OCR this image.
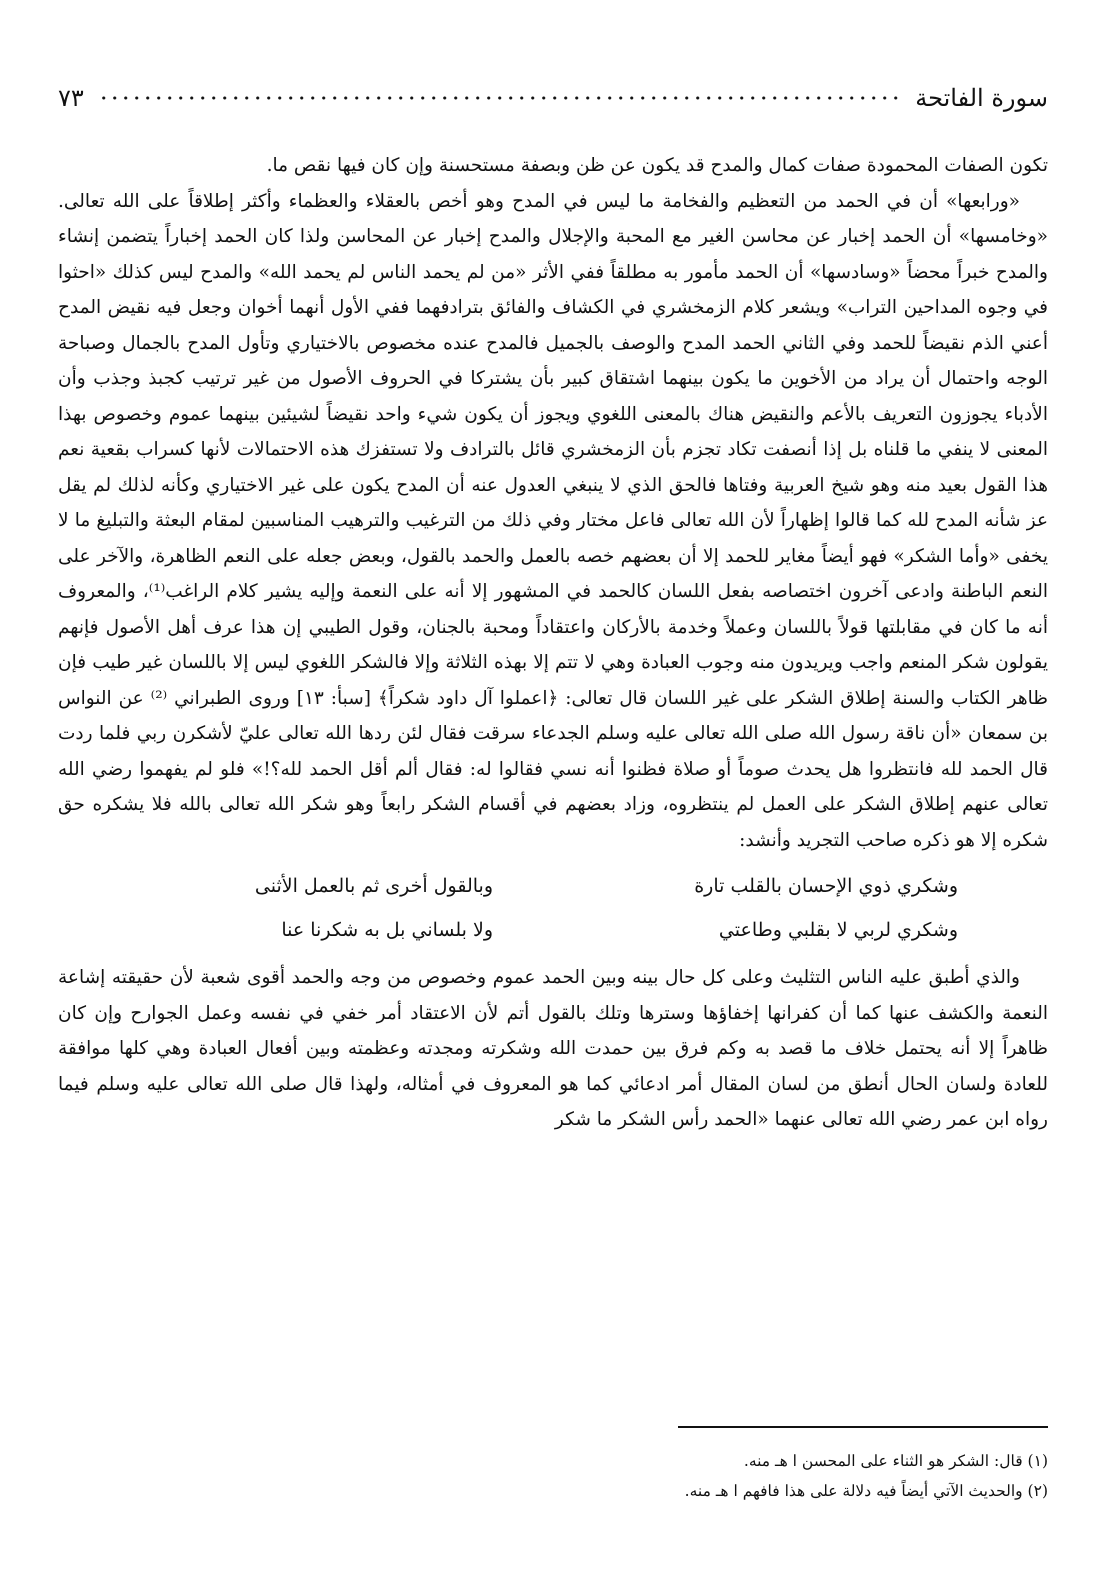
سورة الفاتحة
٧٣

تكون الصفات المحمودة صفات كمال والمدح قد يكون عن ظن وبصفة مستحسنة وإن كان فيها نقص ما.

«ورابعها» أن في الحمد من التعظيم والفخامة ما ليس في المدح وهو أخص بالعقلاء والعظماء وأكثر إطلاقاً على الله تعالى. «وخامسها» أن الحمد إخبار عن محاسن الغير مع المحبة والإجلال والمدح إخبار عن المحاسن ولذا كان الحمد إخباراً يتضمن إنشاء والمدح خبراً محضاً «وسادسها» أن الحمد مأمور به مطلقاً ففي الأثر «من لم يحمد الناس لم يحمد الله» والمدح ليس كذلك «احثوا في وجوه المداحين التراب» ويشعر كلام الزمخشري في الكشاف والفائق بترادفهما ففي الأول أنهما أخوان وجعل فيه نقيض المدح أعني الذم نقيضاً للحمد وفي الثاني الحمد المدح والوصف بالجميل فالمدح عنده مخصوص بالاختياري وتأول المدح بالجمال وصباحة الوجه واحتمال أن يراد من الأخوين ما يكون بينهما اشتقاق كبير بأن يشتركا في الحروف الأصول من غير ترتيب كجبذ وجذب وأن الأدباء يجوزون التعريف بالأعم والنقيض هناك بالمعنى اللغوي ويجوز أن يكون شيء واحد نقيضاً لشيئين بينهما عموم وخصوص بهذا المعنى لا ينفي ما قلناه بل إذا أنصفت تكاد تجزم بأن الزمخشري قائل بالترادف ولا تستفزك هذه الاحتمالات لأنها كسراب بقعية نعم هذا القول بعيد منه وهو شيخ العربية وفتاها فالحق الذي لا ينبغي العدول عنه أن المدح يكون على غير الاختياري وكأنه لذلك لم يقل عز شأنه المدح لله كما قالوا إظهاراً لأن الله تعالى فاعل مختار وفي ذلك من الترغيب والترهيب المناسبين لمقام البعثة والتبليغ ما لا يخفى «وأما الشكر» فهو أيضاً مغاير للحمد إلا أن بعضهم خصه بالعمل والحمد بالقول، وبعض جعله على النعم الظاهرة، والآخر على النعم الباطنة وادعى آخرون اختصاصه بفعل اللسان كالحمد في المشهور إلا أنه على النعمة وإليه يشير كلام الراغب⁽¹⁾، والمعروف أنه ما كان في مقابلتها قولاً باللسان وعملاً وخدمة بالأركان واعتقاداً ومحبة بالجنان، وقول الطيبي إن هذا عرف أهل الأصول فإنهم يقولون شكر المنعم واجب ويريدون منه وجوب العبادة وهي لا تتم إلا بهذه الثلاثة وإلا فالشكر اللغوي ليس إلا باللسان غير طيب فإن ظاهر الكتاب والسنة إطلاق الشكر على غير اللسان قال تعالى: ﴿اعملوا آل داود شكراً﴾ [سبأ: ١٣] وروى الطبراني ⁽²⁾ عن النواس بن سمعان «أن ناقة رسول الله صلى الله تعالى عليه وسلم الجدعاء سرقت فقال لئن ردها الله تعالى عليّ لأشكرن ربي فلما ردت قال الحمد لله فانتظروا هل يحدث صوماً أو صلاة فظنوا أنه نسي فقالوا له: فقال ألم أقل الحمد لله؟!» فلو لم يفهموا رضي الله تعالى عنهم إطلاق الشكر على العمل لم ينتظروه، وزاد بعضهم في أقسام الشكر رابعاً وهو شكر الله تعالى بالله فلا يشكره حق شكره إلا هو ذكره صاحب التجريد وأنشد:

وشكري ذوي الإحسان بالقلب تارة
وبالقول أخرى ثم بالعمل الأثنى
وشكري لربي لا بقلبي وطاعتي
ولا بلساني بل به شكرنا عنا

والذي أطبق عليه الناس التثليث وعلى كل حال بينه وبين الحمد عموم وخصوص من وجه والحمد أقوى شعبة لأن حقيقته إشاعة النعمة والكشف عنها كما أن كفرانها إخفاؤها وسترها وتلك بالقول أتم لأن الاعتقاد أمر خفي في نفسه وعمل الجوارح وإن كان ظاهراً إلا أنه يحتمل خلاف ما قصد به وكم فرق بين حمدت الله وشكرته ومجدته وعظمته وبين أفعال العبادة وهي كلها موافقة للعادة ولسان الحال أنطق من لسان المقال أمر ادعائي كما هو المعروف في أمثاله، ولهذا قال صلى الله تعالى عليه وسلم فيما رواه ابن عمر رضي الله تعالى عنهما «الحمد رأس الشكر ما شكر

(١) قال: الشكر هو الثناء على المحسن ا هـ منه.

(٢) والحديث الآتي أيضاً فيه دلالة على هذا فافهم ا هـ منه.
